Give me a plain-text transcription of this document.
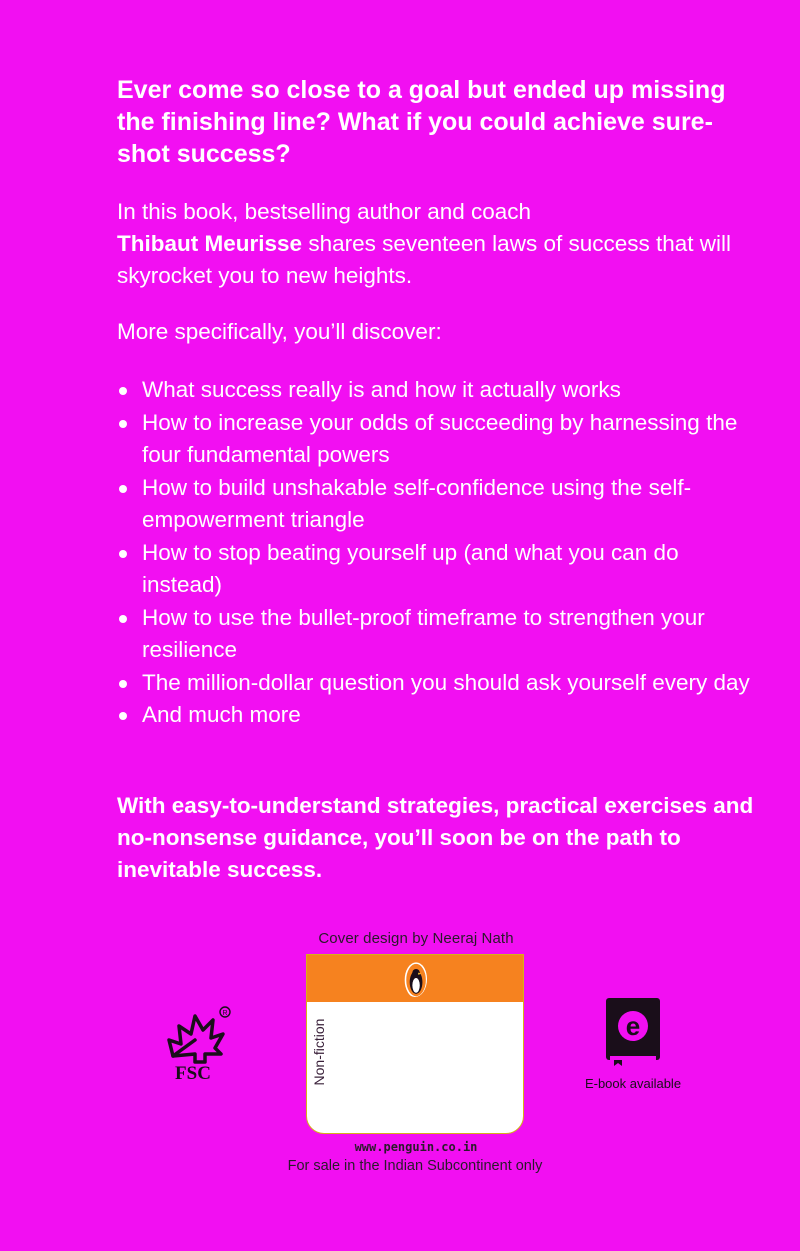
Ever come so close to a goal but ended up missing the finishing line? What if you could achieve sure-shot success?

In this book, bestselling author and coach
Thibaut Meurisse shares seventeen laws of success that will skyrocket you to new heights.

More specifically, you’ll discover:

What success really is and how it actually works
How to increase your odds of succeeding by harnessing the four fundamental powers
How to build unshakable self-confidence using the self-empowerment triangle
How to stop beating yourself up (and what you can do instead)
How to use the bullet-proof timeframe to strengthen your resilience
The million-dollar question you should ask yourself every day
And much more

With easy-to-understand strategies, practical exercises and no-nonsense guidance, you’ll soon be on the path to inevitable success.

R
FSC
Cover design by Neeraj Nath
Non-fiction
www.penguin.co.in
For sale in the Indian Subcontinent only
e
E-book available
